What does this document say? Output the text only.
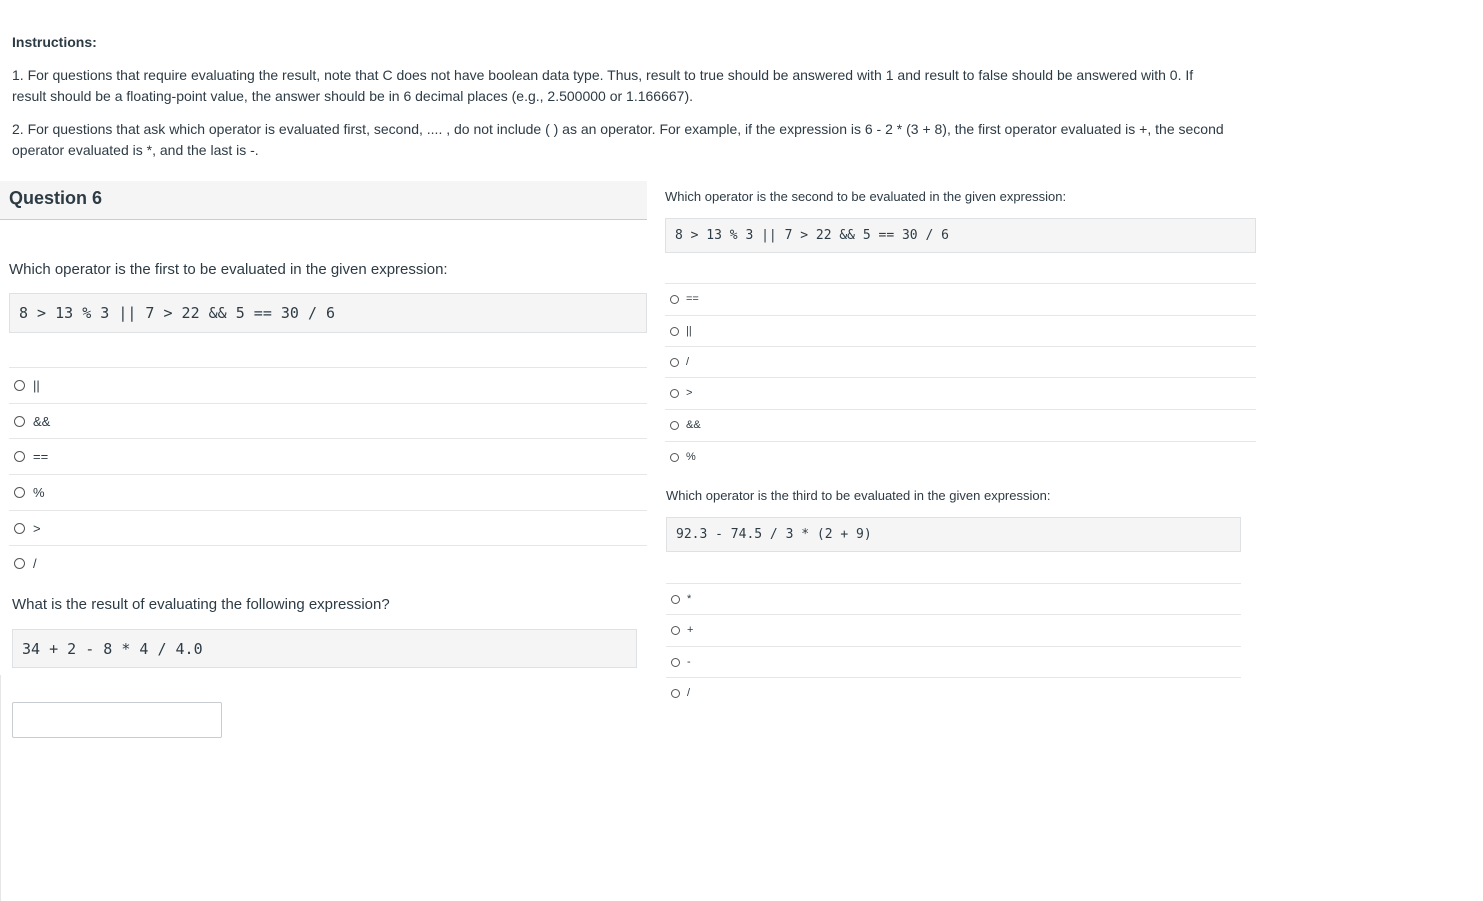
Instructions:

1. For questions that require evaluating the result, note that C does not have boolean data type. Thus, result to true should be answered with 1 and result to false should be answered with 0. If result should be a floating-point value, the answer should be in 6 decimal places (e.g., 2.500000 or 1.166667).

2. For questions that ask which operator is evaluated first, second, .... , do not include ( ) as an operator. For example, if the expression is 6 - 2 * (3 + 8), the first operator evaluated is +, the second operator evaluated is *, and the last is -.

Question 6
Which operator is the first to be evaluated in the given expression:
8 > 13 % 3 || 7 > 22 && 5 == 30 / 6
||
&&
==
%
>
/
What is the result of evaluating the following expression?
34 + 2 - 8 * 4 / 4.0
Which operator is the second to be evaluated in the given expression:
8 > 13 % 3 || 7 > 22 && 5 == 30 / 6
==
||
/
>
&&
%
Which operator is the third to be evaluated in the given expression:
92.3 - 74.5 / 3 * (2 + 9)
*
+
-
/
